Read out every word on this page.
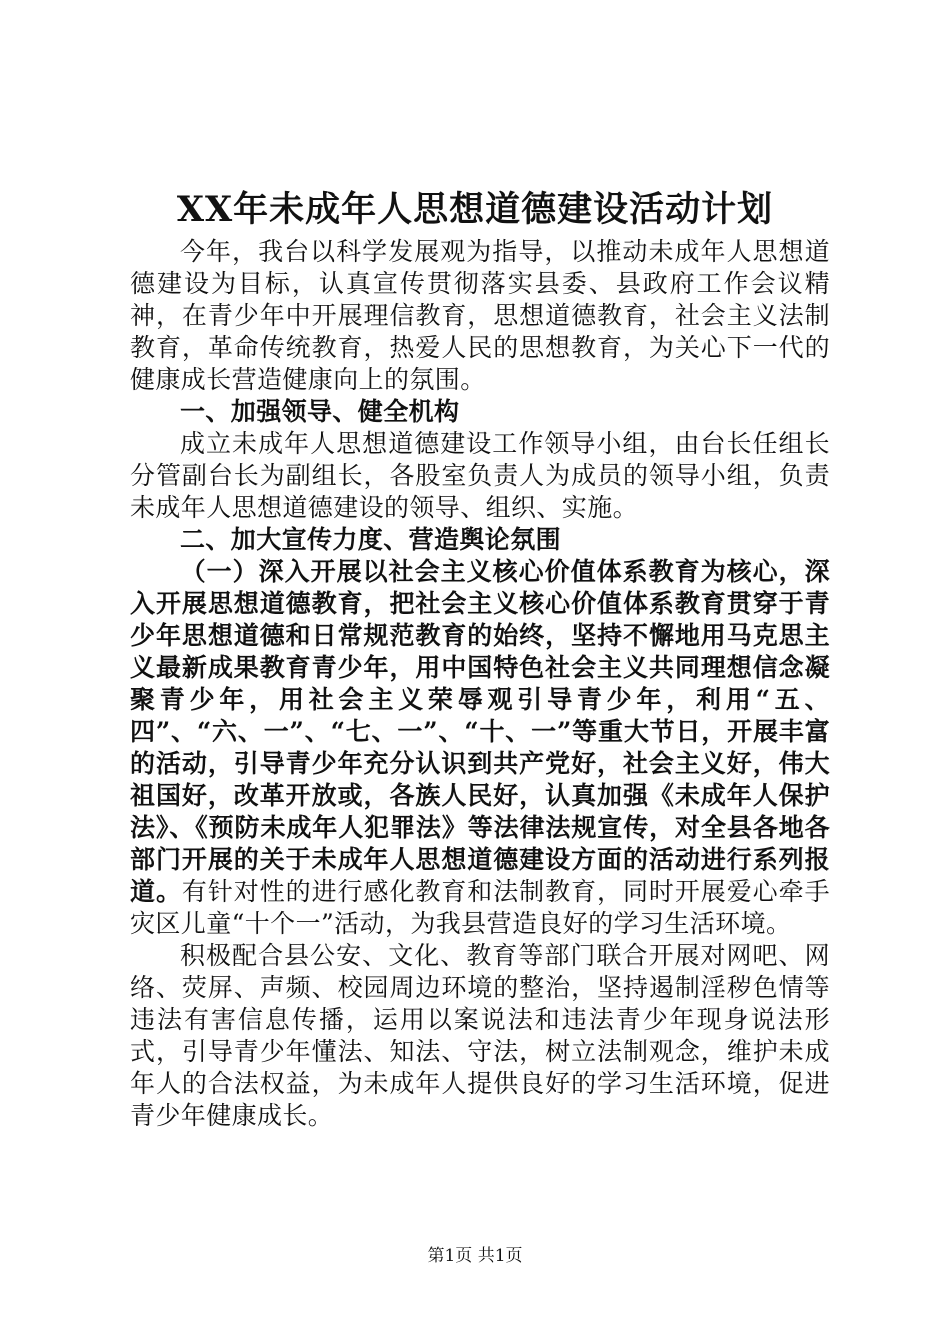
XX年未成年人思想道德建设活动计划

今年，我台以科学发展观为指导，以推动未成年人思想道德建设为目标，认真宣传贯彻落实县委、县政府工作会议精神，在青少年中开展理信教育，思想道德教育，社会主义法制教育，革命传统教育，热爱人民的思想教育，为关心下一代的健康成长营造健康向上的氛围。

一、加强领导、健全机构

成立未成年人思想道德建设工作领导小组，由台长任组长分管副台长为副组长，各股室负责人为成员的领导小组，负责未成年人思想道德建设的领导、组织、实施。

二、加大宣传力度、营造舆论氛围

（一）深入开展以社会主义核心价值体系教育为核心，深入开展思想道德教育，把社会主义核心价值体系教育贯穿于青少年思想道德和日常规范教育的始终，坚持不懈地用马克思主义最新成果教育青少年，用中国特色社会主义共同理想信念凝聚青少年，用社会主义荣辱观引导青少年，利用“五、四”、“六、一”、“七、一”、“十、一”等重大节日，开展丰富的活动，引导青少年充分认识到共产党好，社会主义好，伟大祖国好，改革开放或，各族人民好，认真加强《未成年人保护法》、《预防未成年人犯罪法》等法律法规宣传，对全县各地各部门开展的关于未成年人思想道德建设方面的活动进行系列报道。

有针对性的进行感化教育和法制教育，同时开展爱心牵手灾区儿童“十个一”活动，为我县营造良好的学习生活环境。

积极配合县公安、文化、教育等部门联合开展对网吧、网络、荧屏、声频、校园周边环境的整治，坚持遏制淫秽色情等违法有害信息传播，运用以案说法和违法青少年现身说法形式，引导青少年懂法、知法、守法，树立法制观念，维护未成年人的合法权益，为未成年人提供良好的学习生活环境，促进青少年健康成长。

第1页 共1页
